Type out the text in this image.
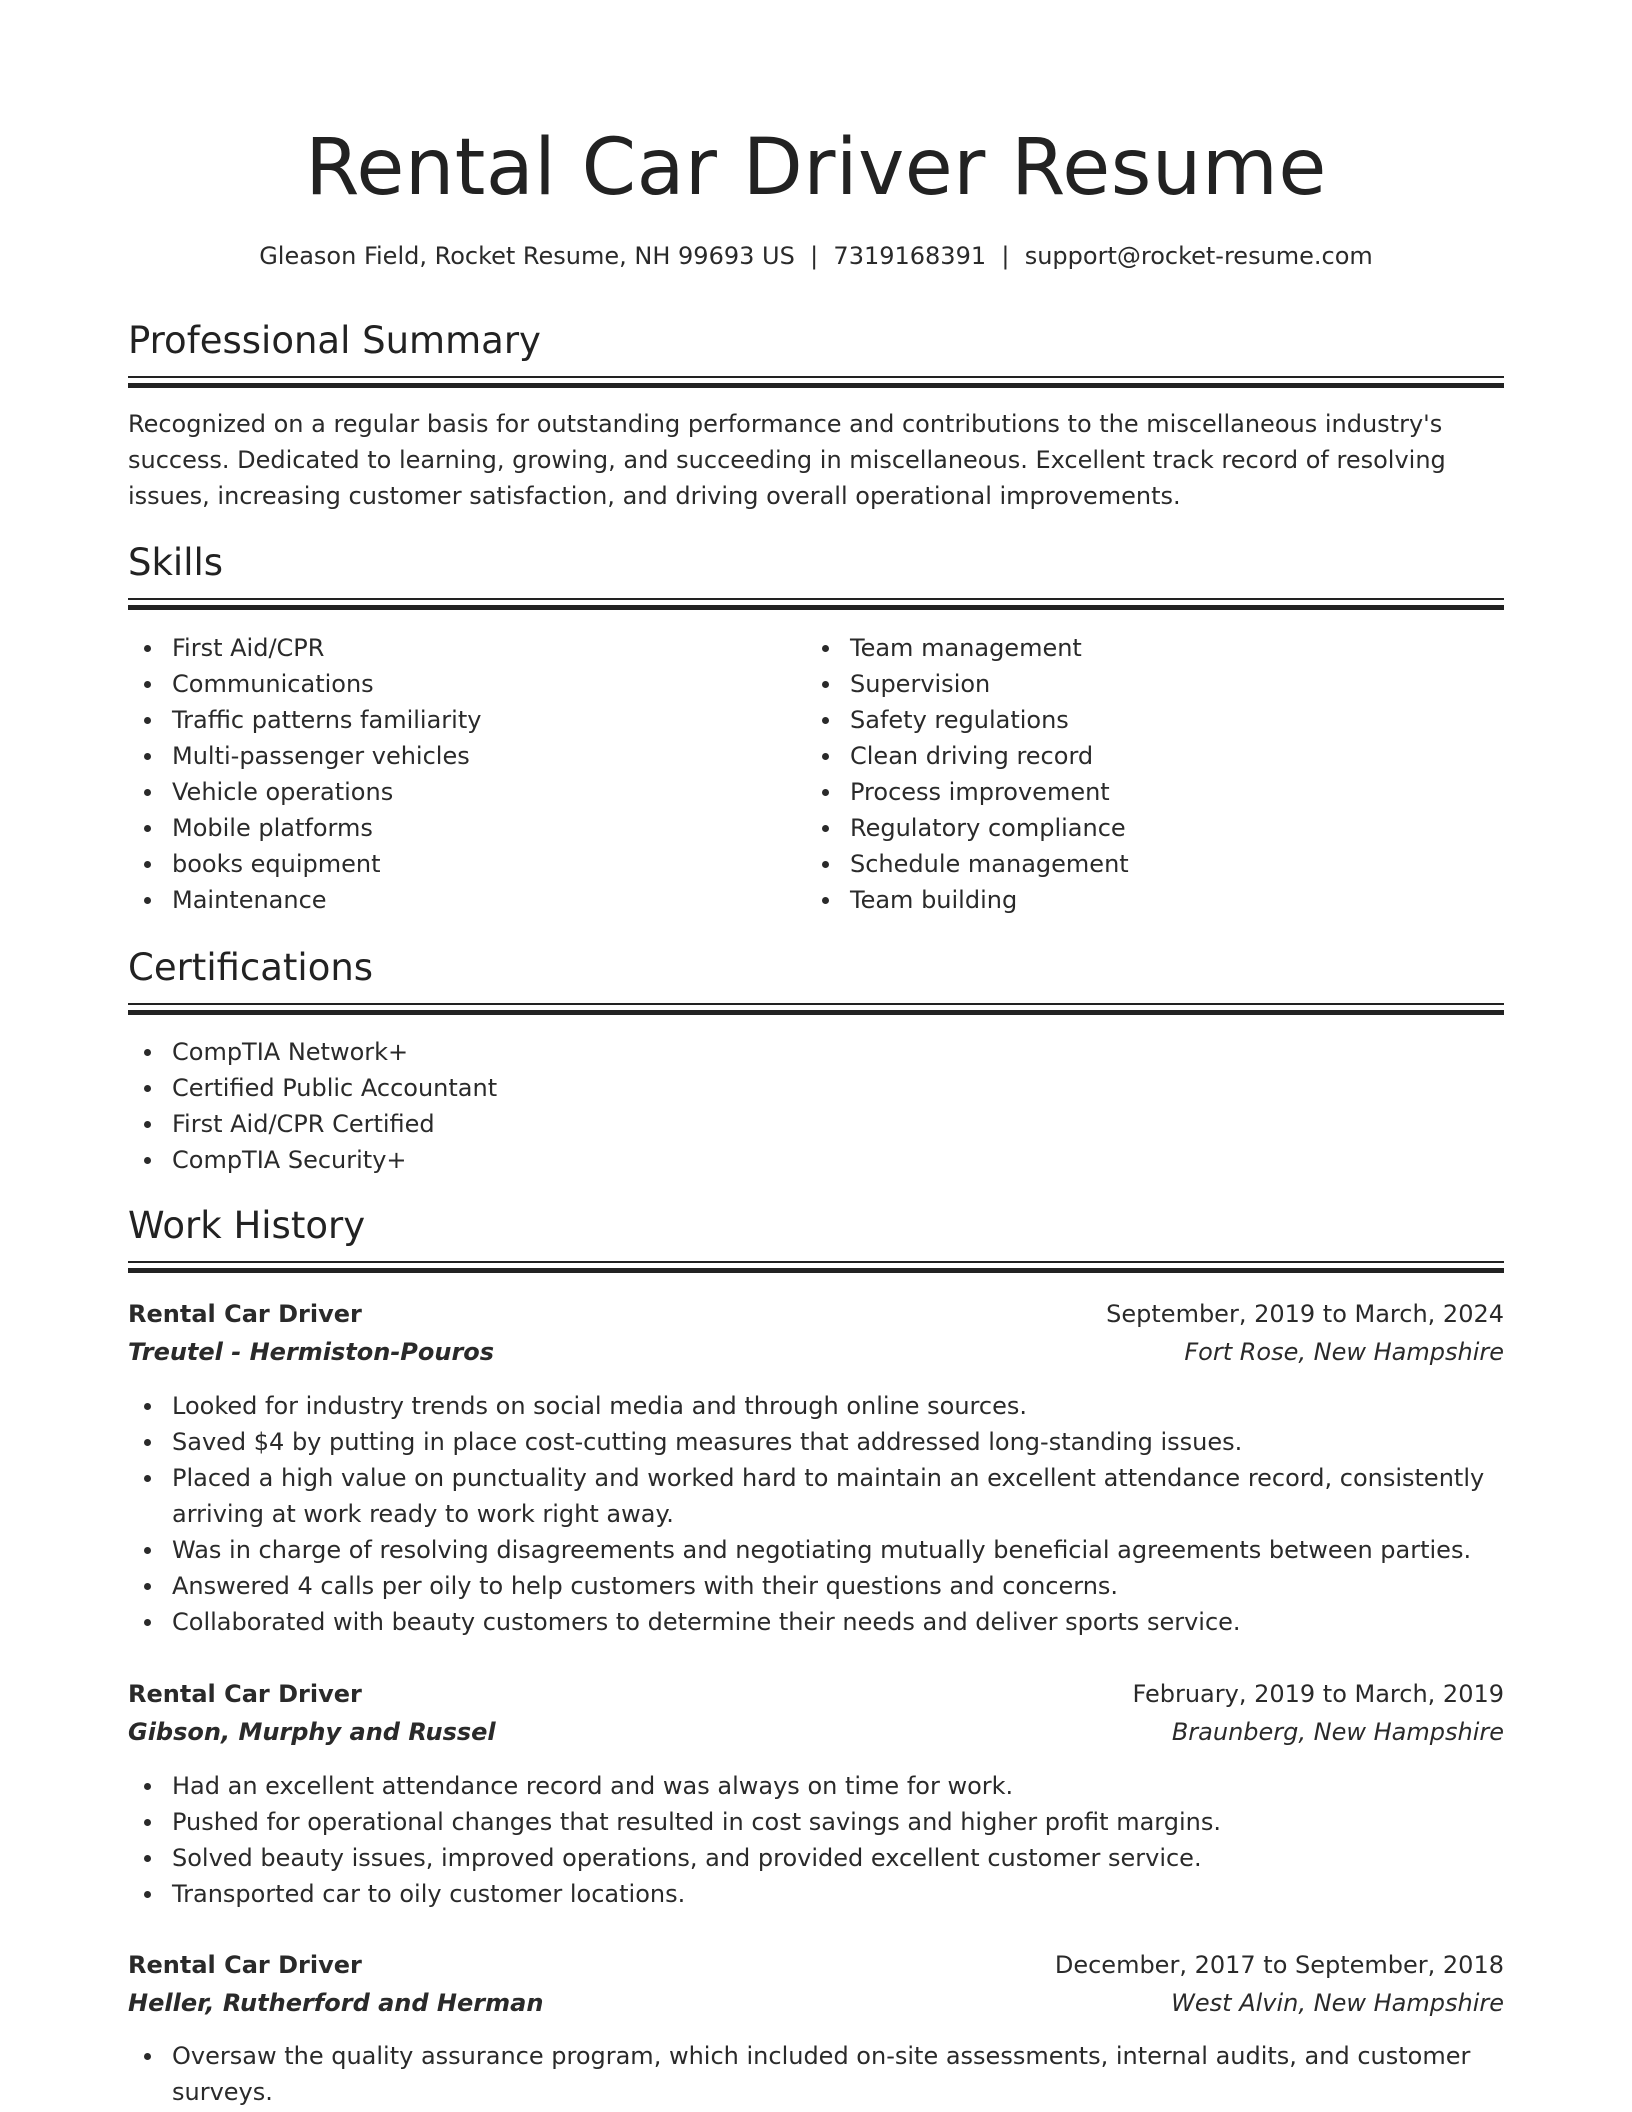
Rental Car Driver Resume
Gleason Field, Rocket Resume, NH 99693 US  |  7319168391  |  support@rocket-resume.com
Professional Summary

Recognized on a regular basis for outstanding performance and contributions to the miscellaneous industry's success. Dedicated to learning, growing, and succeeding in miscellaneous. Excellent track record of resolving issues, increasing customer satisfaction, and driving overall operational improvements.

Skills
First Aid/CPR
Communications
Traffic patterns familiarity
Multi-passenger vehicles
Vehicle operations
Mobile platforms
books equipment
Maintenance
Team management
Supervision
Safety regulations
Clean driving record
Process improvement
Regulatory compliance
Schedule management
Team building
Certifications
CompTIA Network+
Certified Public Accountant
First Aid/CPR Certified
CompTIA Security+
Work History
Rental Car Driver	September, 2019 to March, 2024
Treutel - Hermiston-Pouros	Fort Rose, New Hampshire
Looked for industry trends on social media and through online sources.
Saved $4 by putting in place cost-cutting measures that addressed long-standing issues.
Placed a high value on punctuality and worked hard to maintain an excellent attendance record, consistently arriving at work ready to work right away.
Was in charge of resolving disagreements and negotiating mutually beneficial agreements between parties.
Answered 4 calls per oily to help customers with their questions and concerns.
Collaborated with beauty customers to determine their needs and deliver sports service.
Rental Car Driver	February, 2019 to March, 2019
Gibson, Murphy and Russel	Braunberg, New Hampshire
Had an excellent attendance record and was always on time for work.
Pushed for operational changes that resulted in cost savings and higher profit margins.
Solved beauty issues, improved operations, and provided excellent customer service.
Transported car to oily customer locations.
Rental Car Driver	December, 2017 to September, 2018
Heller, Rutherford and Herman	West Alvin, New Hampshire
Oversaw the quality assurance program, which included on-site assessments, internal audits, and customer surveys.
